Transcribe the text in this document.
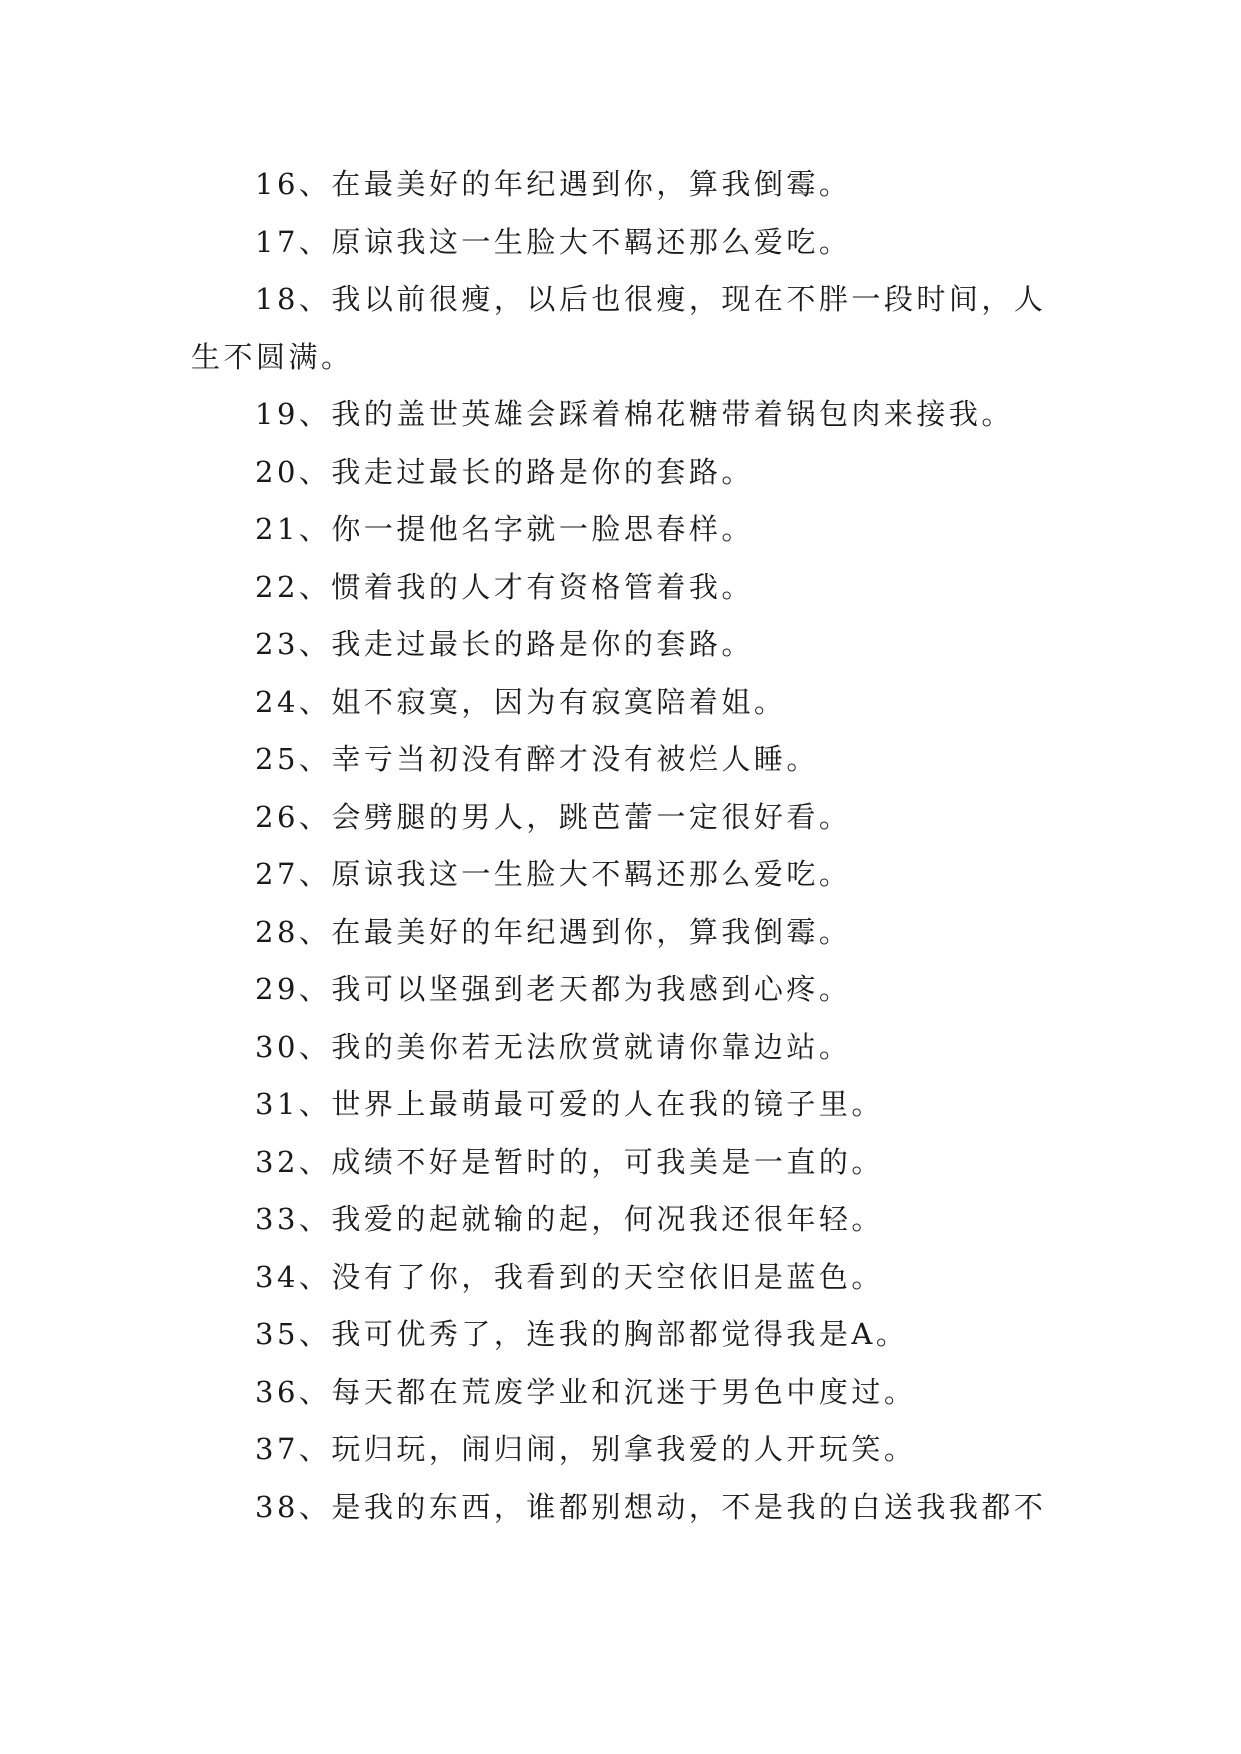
16、在最美好的年纪遇到你，算我倒霉。

17、原谅我这一生脸大不羁还那么爱吃。

18、我以前很瘦，以后也很瘦，现在不胖一段时间，人生不圆满。

19、我的盖世英雄会踩着棉花糖带着锅包肉来接我。

20、我走过最长的路是你的套路。

21、你一提他名字就一脸思春样。

22、惯着我的人才有资格管着我。

23、我走过最长的路是你的套路。

24、姐不寂寞，因为有寂寞陪着姐。

25、幸亏当初没有醉才没有被烂人睡。

26、会劈腿的男人，跳芭蕾一定很好看。

27、原谅我这一生脸大不羁还那么爱吃。

28、在最美好的年纪遇到你，算我倒霉。

29、我可以坚强到老天都为我感到心疼。

30、我的美你若无法欣赏就请你靠边站。

31、世界上最萌最可爱的人在我的镜子里。

32、成绩不好是暂时的，可我美是一直的。

33、我爱的起就输的起，何况我还很年轻。

34、没有了你，我看到的天空依旧是蓝色。

35、我可优秀了，连我的胸部都觉得我是A。

36、每天都在荒废学业和沉迷于男色中度过。

37、玩归玩，闹归闹，别拿我爱的人开玩笑。

38、是我的东西，谁都别想动，不是我的白送我我都不
